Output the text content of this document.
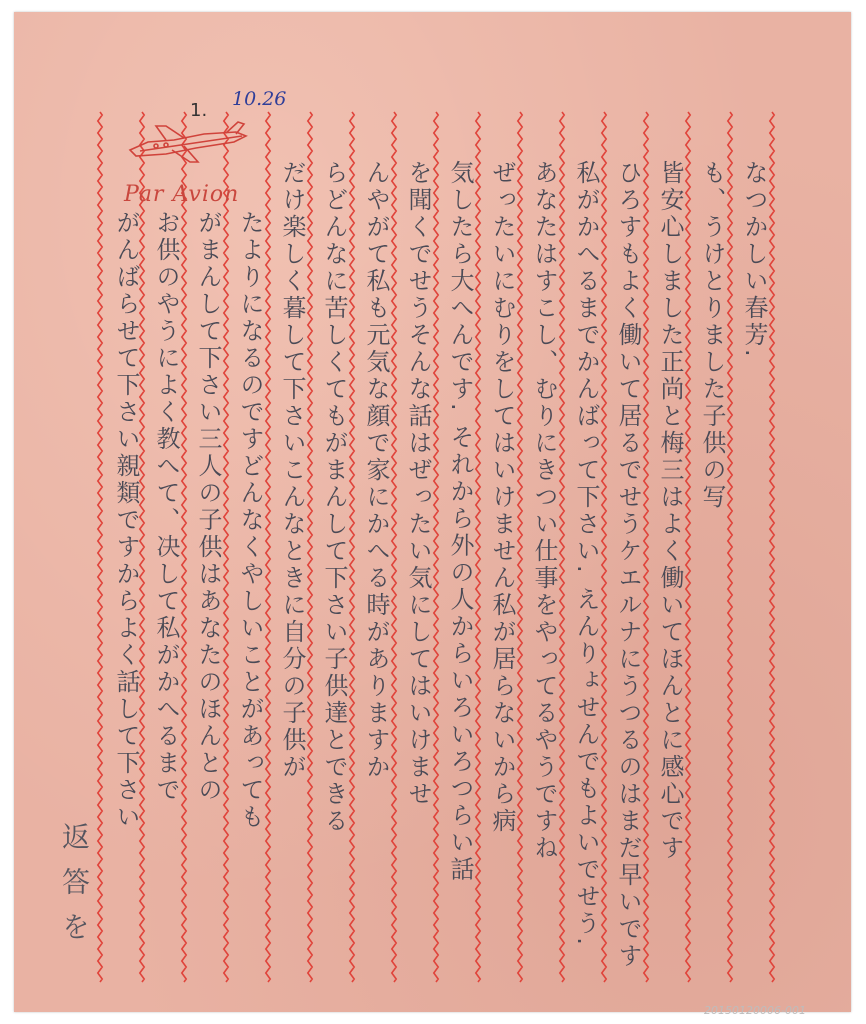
Par Avion
10.26
1.
なつかしい春芳.
も、うけとりました子供の写
皆安心しました正尚と梅三はよく働いてほんとに感心です
ひろすもよく働いて居るでせうケエルナにうつるのはまだ早いです
私がかへるまでかんばって下さい. えんりょせんでもよいでせう.
あなたはすこし、むりにきつい仕事をやってるやうですね
ぜったいにむりをしてはいけません私が居らないから病
気したら大へんです. それから外の人からいろいろつらい話
を聞くでせうそんな話はぜったい気にしてはいけませ
んやがて私も元気な顔で家にかへる時がありますか
らどんなに苦しくてもがまんして下さい子供達とできる
だけ楽しく暮して下さいこんなときに自分の子供が
たよりになるのですどんなくやしいことがあっても
がまんして下さい三人の子供はあなたのほんとの
お供のやうによく教へて、决して私がかへるまで
がんばらせて下さい親類ですからよく話して下さい
返 答 を
20150120006-001
